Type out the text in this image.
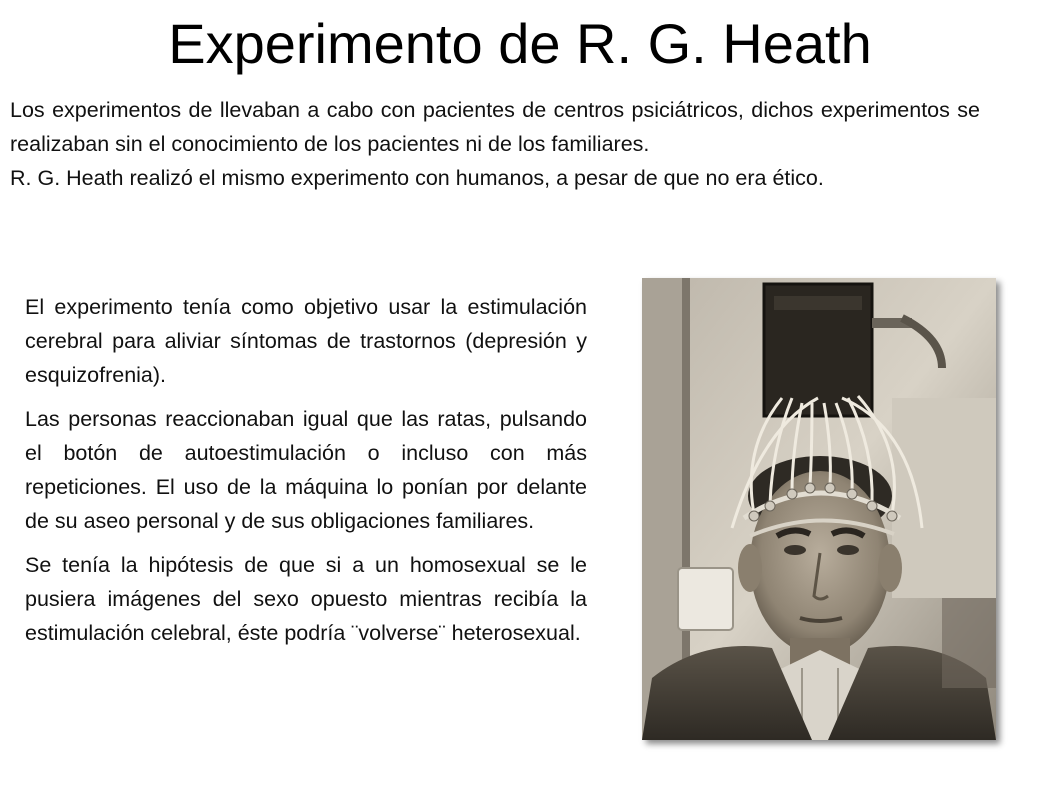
Experimento de R. G. Heath

Los experimentos de llevaban a cabo con pacientes de centros psiciátricos, dichos experimentos se realizaban sin el conocimiento de los pacientes ni de los familiares.

R. G. Heath realizó el mismo experimento con humanos, a pesar de que no era ético.

El experimento tenía como objetivo usar la estimulación cerebral para aliviar síntomas de trastornos (depresión y esquizofrenia).

Las personas reaccionaban igual que las ratas, pulsando el botón de autoestimulación o incluso con más repeticiones. El uso de la máquina lo ponían por delante de su aseo personal y de sus obligaciones familiares.

Se tenía la hipótesis de que si a un homosexual se le pusiera imágenes del sexo opuesto mientras recibía la estimulación celebral, éste podría ¨volverse¨ heterosexual.
